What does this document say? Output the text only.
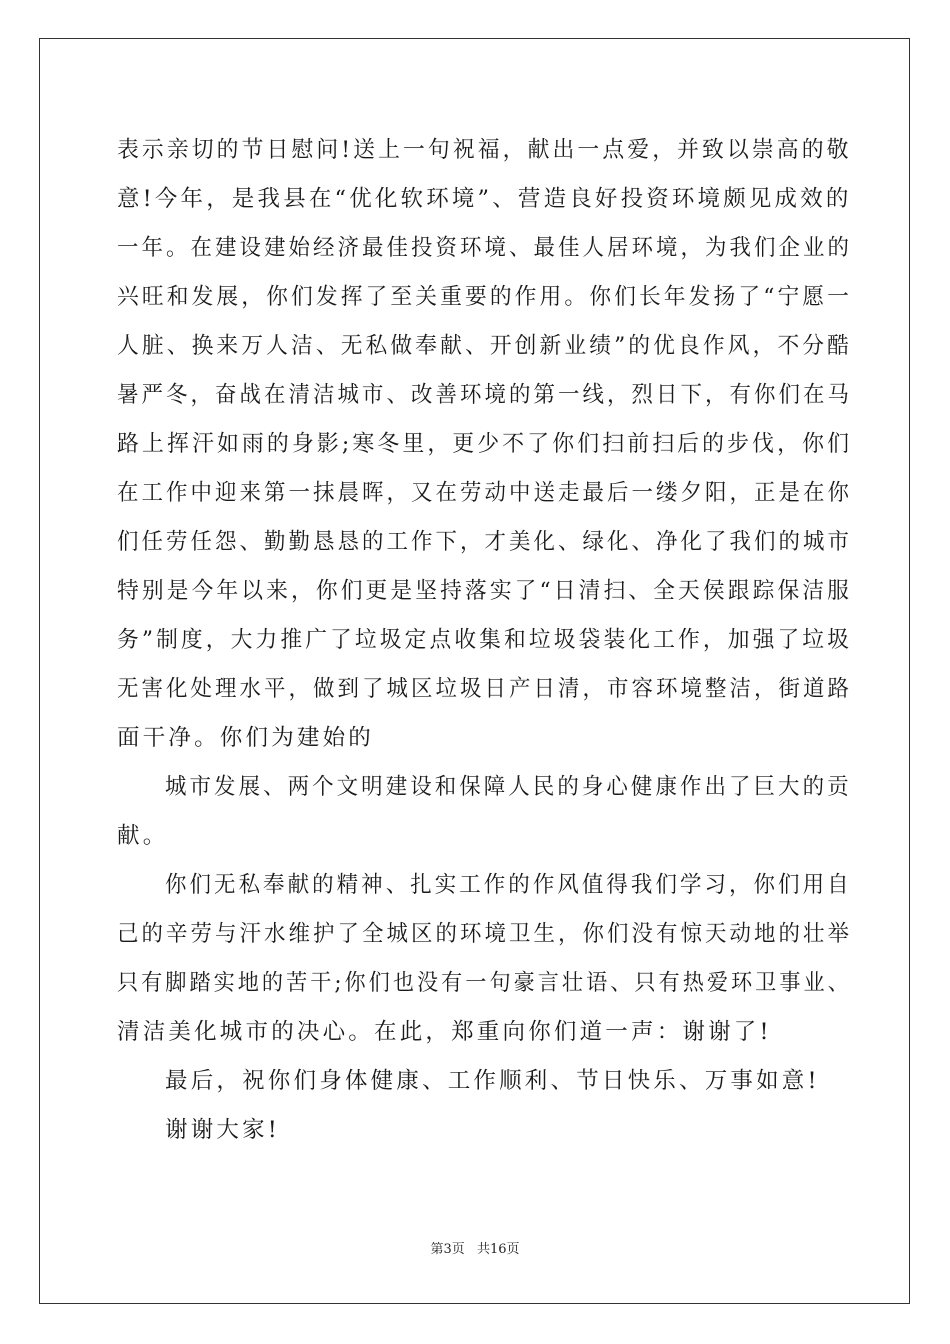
表示亲切的节日慰问!送上一句祝福，献出一点爱，并致以崇高的敬
意!今年，是我县在“优化软环境”、营造良好投资环境颇见成效的
一年。在建设建始经济最佳投资环境、最佳人居环境，为我们企业的
兴旺和发展，你们发挥了至关重要的作用。你们长年发扬了“宁愿一
人脏、换来万人洁、无私做奉献、开创新业绩”的优良作风，不分酷
暑严冬，奋战在清洁城市、改善环境的第一线，烈日下，有你们在马
路上挥汗如雨的身影;寒冬里，更少不了你们扫前扫后的步伐，你们
在工作中迎来第一抹晨晖，又在劳动中送走最后一缕夕阳，正是在你
们任劳任怨、勤勤恳恳的工作下，才美化、绿化、净化了我们的城市
特别是今年以来，你们更是坚持落实了“日清扫、全天侯跟踪保洁服
务”制度，大力推广了垃圾定点收集和垃圾袋装化工作，加强了垃圾
无害化处理水平，做到了城区垃圾日产日清，市容环境整洁，街道路
面干净。你们为建始的
城市发展、两个文明建设和保障人民的身心健康作出了巨大的贡
献。
你们无私奉献的精神、扎实工作的作风值得我们学习，你们用自
己的辛劳与汗水维护了全城区的环境卫生，你们没有惊天动地的壮举
只有脚踏实地的苦干;你们也没有一句豪言壮语、只有热爱环卫事业、
清洁美化城市的决心。在此，郑重向你们道一声：谢谢了!
最后，祝你们身体健康、工作顺利、节日快乐、万事如意!
谢谢大家!
第3页 共16页
